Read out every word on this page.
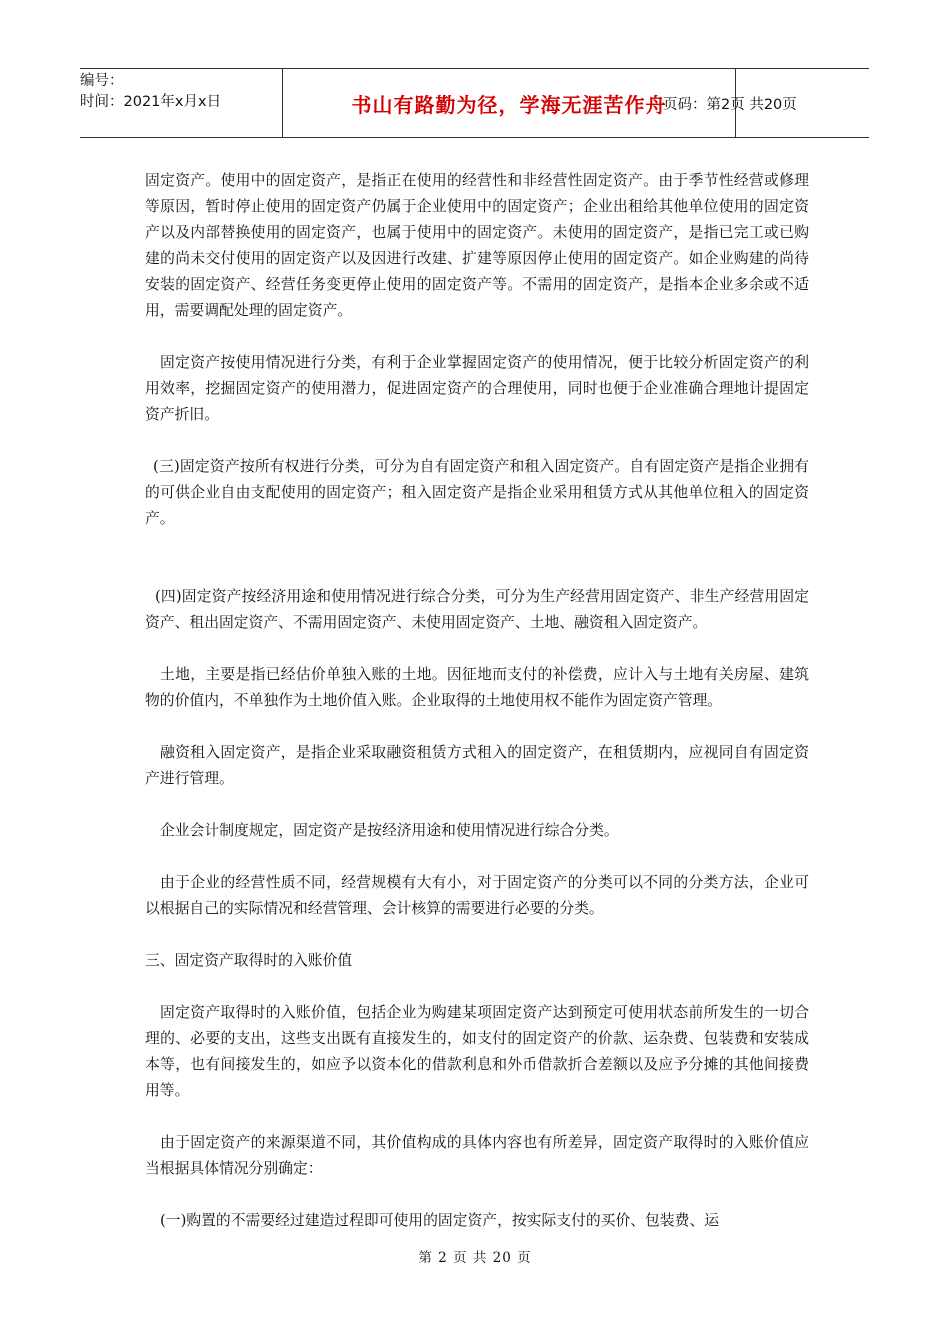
编号：
时间：2021年x月x日	书山有路勤为径，学海无涯苦作舟
页码：第2页 共20页

固定资产。使用中的固定资产，是指正在使用的经营性和非经营性固定资产。由于季节性经营或修理等原因，暂时停止使用的固定资产仍属于企业使用中的固定资产；企业出租给其他单位使用的固定资产以及内部替换使用的固定资产，也属于使用中的固定资产。未使用的固定资产，是指已完工或已购建的尚未交付使用的固定资产以及因进行改建、扩建等原因停止使用的固定资产。如企业购建的尚待安装的固定资产、经营任务变更停止使用的固定资产等。不需用的固定资产，是指本企业多余或不适用，需要调配处理的固定资产。

固定资产按使用情况进行分类，有利于企业掌握固定资产的使用情况，便于比较分析固定资产的利用效率，挖掘固定资产的使用潜力，促进固定资产的合理使用，同时也便于企业准确合理地计提固定资产折旧。

(三)固定资产按所有权进行分类，可分为自有固定资产和租入固定资产。自有固定资产是指企业拥有的可供企业自由支配使用的固定资产；租入固定资产是指企业采用租赁方式从其他单位租入的固定资产。

(四)固定资产按经济用途和使用情况进行综合分类，可分为生产经营用固定资产、非生产经营用固定资产、租出固定资产、不需用固定资产、未使用固定资产、土地、融资租入固定资产。

土地，主要是指已经估价单独入账的土地。因征地而支付的补偿费，应计入与土地有关房屋、建筑物的价值内，不单独作为土地价值入账。企业取得的土地使用权不能作为固定资产管理。

融资租入固定资产，是指企业采取融资租赁方式租入的固定资产，在租赁期内，应视同自有固定资产进行管理。

企业会计制度规定，固定资产是按经济用途和使用情况进行综合分类。

由于企业的经营性质不同，经营规模有大有小，对于固定资产的分类可以不同的分类方法，企业可以根据自己的实际情况和经营管理、会计核算的需要进行必要的分类。

三、固定资产取得时的入账价值

固定资产取得时的入账价值，包括企业为购建某项固定资产达到预定可使用状态前所发生的一切合理的、必要的支出，这些支出既有直接发生的，如支付的固定资产的价款、运杂费、包装费和安装成本等，也有间接发生的，如应予以资本化的借款利息和外币借款折合差额以及应予分摊的其他间接费用等。

由于固定资产的来源渠道不同，其价值构成的具体内容也有所差异，固定资产取得时的入账价值应当根据具体情况分别确定：

(一)购置的不需要经过建造过程即可使用的固定资产，按实际支付的买价、包装费、运

第 2 页 共 20 页
